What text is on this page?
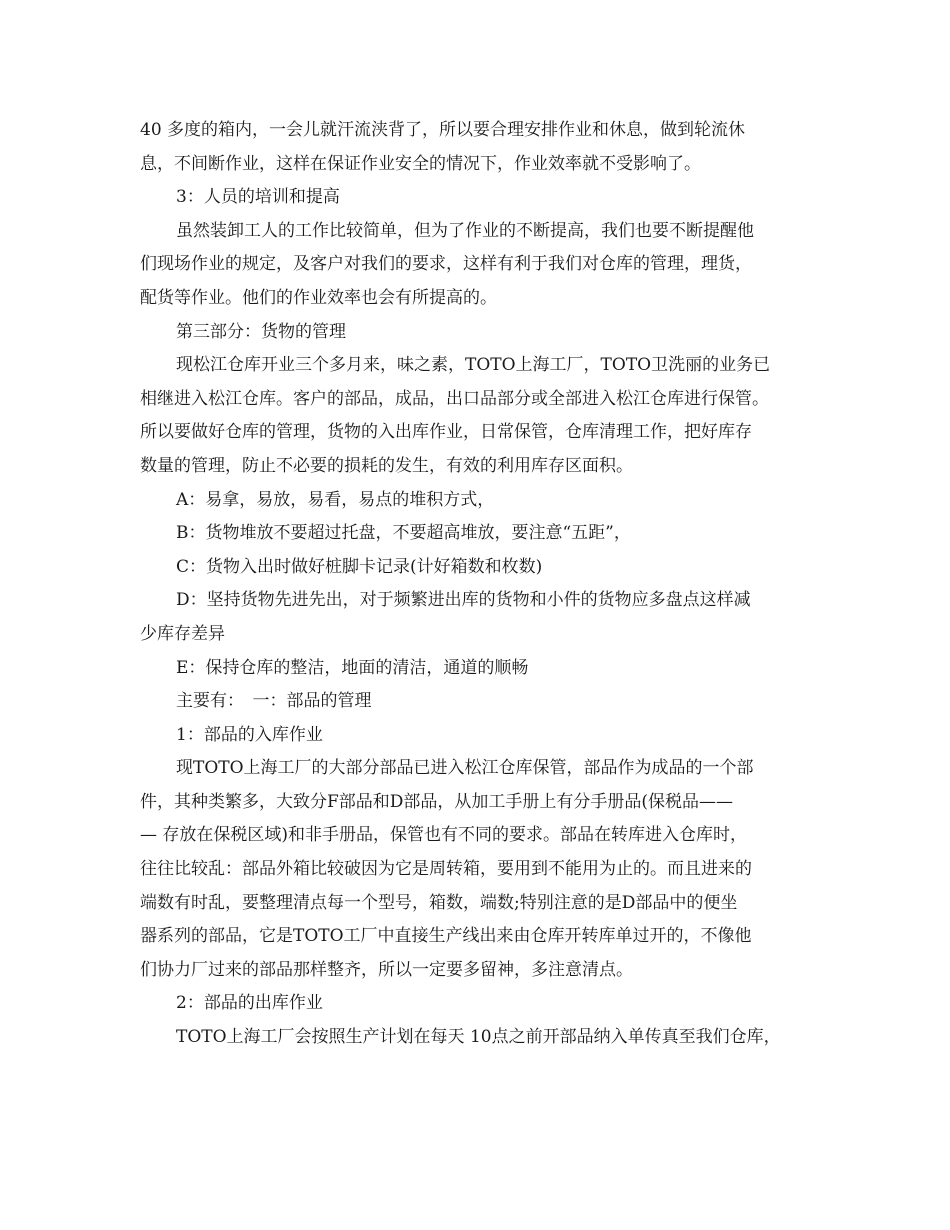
40 多度的箱内，一会儿就汗流浃背了，所以要合理安排作业和休息，做到轮流休
息，不间断作业，这样在保证作业安全的情况下，作业效率就不受影响了。
3：人员的培训和提高
虽然装卸工人的工作比较简单，但为了作业的不断提高，我们也要不断提醒他
们现场作业的规定，及客户对我们的要求，这样有利于我们对仓库的管理，理货，
配货等作业。他们的作业效率也会有所提高的。
第三部分：货物的管理
现松江仓库开业三个多月来，味之素，TOTO上海工厂，TOTO卫洗丽的业务已
相继进入松江仓库。客户的部品，成品，出口品部分或全部进入松江仓库进行保管。
所以要做好仓库的管理，货物的入出库作业，日常保管，仓库清理工作，把好库存
数量的管理，防止不必要的损耗的发生，有效的利用库存区面积。
A：易拿，易放，易看，易点的堆积方式，
B：货物堆放不要超过托盘，不要超高堆放，要注意“五距”，
C：货物入出时做好桩脚卡记录(计好箱数和枚数)
D：坚持货物先进先出，对于频繁进出库的货物和小件的货物应多盘点这样减
少库存差异
E：保持仓库的整洁，地面的清洁，通道的顺畅
主要有：　一：部品的管理
1：部品的入库作业
现TOTO上海工厂的大部分部品已进入松江仓库保管，部品作为成品的一个部
件，其种类繁多，大致分F部品和D部品，从加工手册上有分手册品(保税品——
— 存放在保税区域)和非手册品，保管也有不同的要求。部品在转库进入仓库时，
往往比较乱：部品外箱比较破因为它是周转箱，要用到不能用为止的。而且进来的
端数有时乱，要整理清点每一个型号，箱数，端数;特别注意的是D部品中的便坐
器系列的部品，它是TOTO工厂中直接生产线出来由仓库开转库单过开的，不像他
们协力厂过来的部品那样整齐，所以一定要多留神，多注意清点。
2：部品的出库作业
TOTO上海工厂会按照生产计划在每天 10点之前开部品纳入单传真至我们仓库，
